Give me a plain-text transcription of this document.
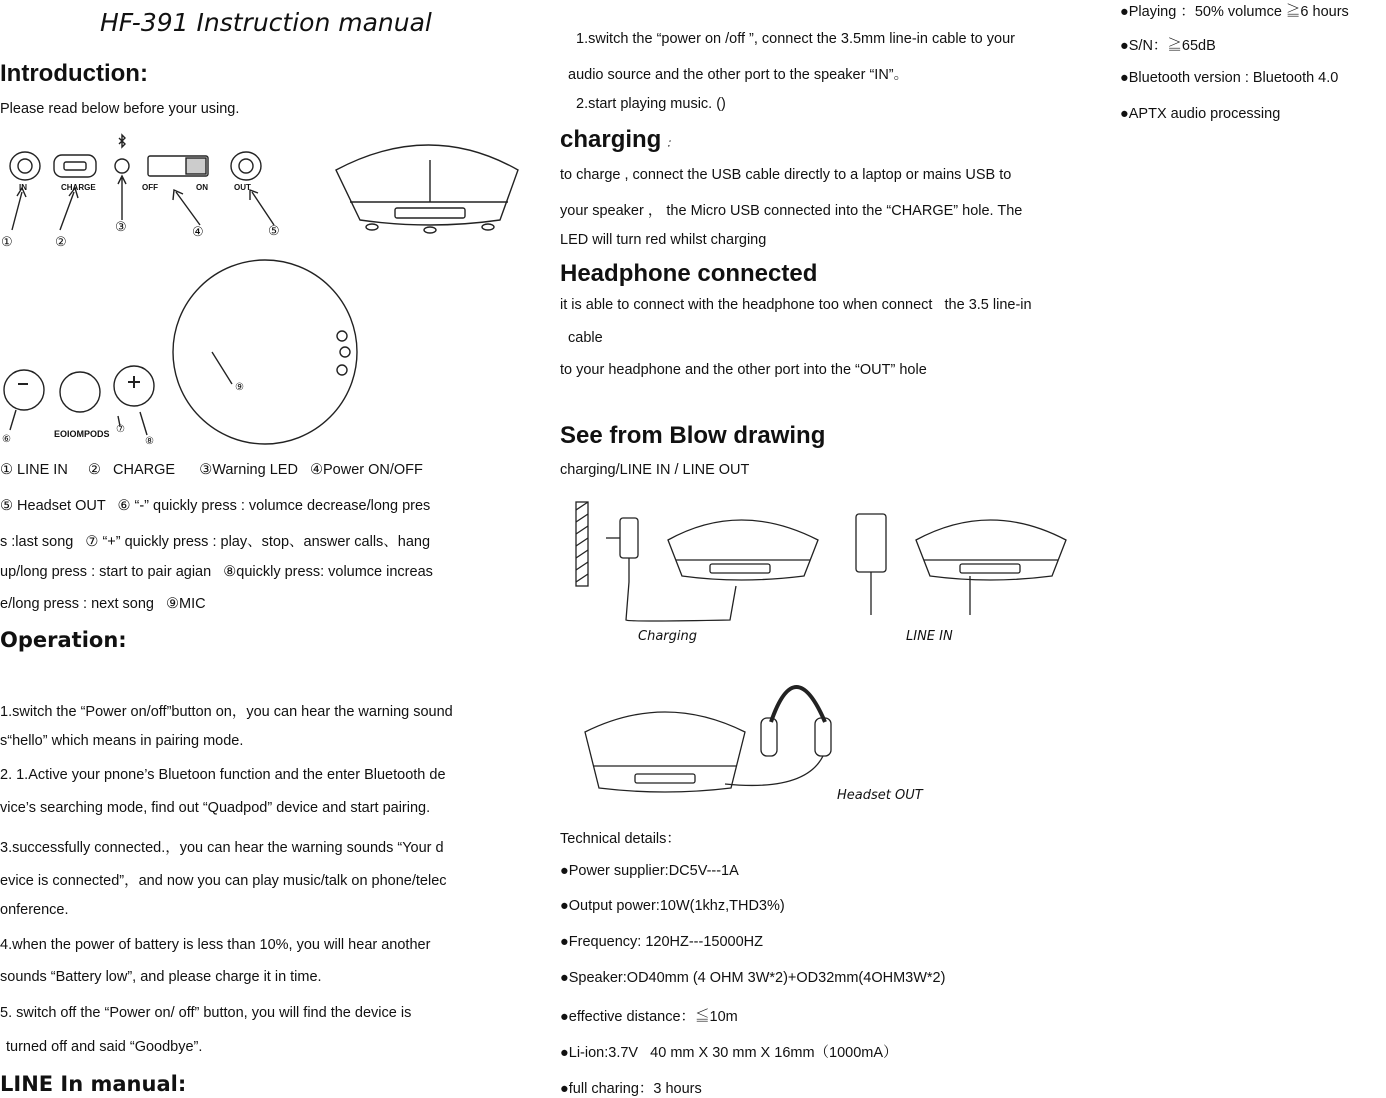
HF-391 Instruction manual
Introduction:
Please read below before your using.
IN	CHARGE	OFF	ON	OUT
EOIOMPODS
①	②
③	④	⑤
⑥
⑦
⑧
⑨
① LINE IN     ②   CHARGE      ③Warning LED   ④Power ON/OFF
⑤ Headset OUT   ⑥ “-” quickly press : volumce decrease/long pres
s :last song   ⑦ “+” quickly press : play、stop、answer calls、hang
up/long press : start to pair agian   ⑧quickly press: volumce increas
e/long press : next song   ⑨MIC
Operation:
1.switch the “Power on/off”button on，you can hear the warning sound
s“hello” which means in pairing mode.
2. 1.Active your pnone’s Bluetoon function and the enter Bluetooth de
vice’s searching mode, find out “Quadpod” device and start pairing.
3.successfully connected.，you can hear the warning sounds “Your d
evice is connected”，and now you can play music/talk on phone/telec
onference.
4.when the power of battery is less than 10%, you will hear another
sounds “Battery low”, and please charge it in time.
5. switch off the “Power on/ off” button, you will find the device is
turned off and said “Goodbye”.
LINE In manual:
1.switch the “power on /off ”, connect the 3.5mm line-in cable to your
audio source and the other port to the speaker “IN”。
2.start playing music. ()
charging ：
to charge , connect the USB cable directly to a laptop or mains USB to
your speaker ， the Micro USB connected into the “CHARGE” hole. The
LED will turn red whilst charging
Headphone connected
it is able to connect with the headphone too when connect   the 3.5 line-in
cable
to your headphone and the other port into the “OUT” hole
See from Blow drawing
charging/LINE IN / LINE OUT
Charging	LINE IN
Headset OUT
Technical details：
●Power supplier:DC5V---1A
●Output power:10W(1khz,THD3%)
●Frequency: 120HZ---15000HZ
●Speaker:OD40mm (4 OHM 3W*2)+OD32mm(4OHM3W*2)
●effective distance：≦10m
●Li-ion:3.7V   40 mm X 30 mm X 16mm（1000mA）
●full charing：3 hours
●Playing ：50% volumce ≧6 hours
●S/N：≧65dB
●Bluetooth version : Bluetooth 4.0
●APTX audio processing
